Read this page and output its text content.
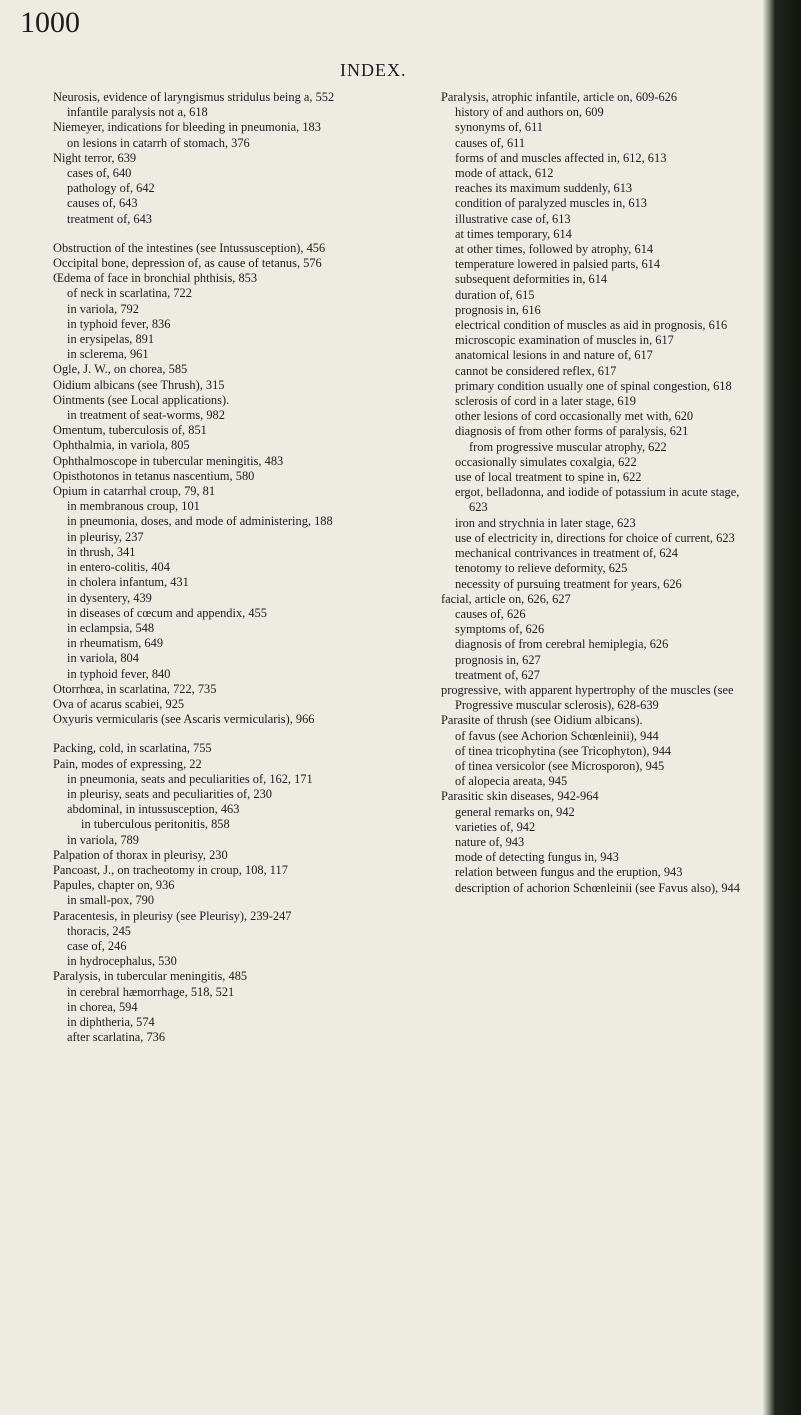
1000
INDEX.
Neurosis, evidence of laryngismus stridulus being a, 552
infantile paralysis not a, 618
Niemeyer, indications for bleeding in pneumonia, 183
on lesions in catarrh of stomach, 376
Night terror, 639
cases of, 640
pathology of, 642
causes of, 643
treatment of, 643
Obstruction of the intestines (see Intussusception), 456
Occipital bone, depression of, as cause of tetanus, 576
Œdema of face in bronchial phthisis, 853
of neck in scarlatina, 722
in variola, 792
in typhoid fever, 836
in erysipelas, 891
in sclerema, 961
Ogle, J. W., on chorea, 585
Oidium albicans (see Thrush), 315
Ointments (see Local applications).
in treatment of seat-worms, 982
Omentum, tuberculosis of, 851
Ophthalmia, in variola, 805
Ophthalmoscope in tubercular meningitis, 483
Opisthotonos in tetanus nascentium, 580
Opium in catarrhal croup, 79, 81
in membranous croup, 101
in pneumonia, doses, and mode of administering, 188
in pleurisy, 237
in thrush, 341
in entero-colitis, 404
in cholera infantum, 431
in dysentery, 439
in diseases of cœcum and appendix, 455
in eclampsia, 548
in rheumatism, 649
in variola, 804
in typhoid fever, 840
Otorrhœa, in scarlatina, 722, 735
Ova of acarus scabiei, 925
Oxyuris vermicularis (see Ascaris vermicularis), 966
Packing, cold, in scarlatina, 755
Pain, modes of expressing, 22
in pneumonia, seats and peculiarities of, 162, 171
in pleurisy, seats and peculiarities of, 230
abdominal, in intussusception, 463
in tuberculous peritonitis, 858
in variola, 789
Palpation of thorax in pleurisy, 230
Pancoast, J., on tracheotomy in croup, 108, 117
Papules, chapter on, 936
in small-pox, 790
Paracentesis, in pleurisy (see Pleurisy), 239-247
thoracis, 245
case of, 246
in hydrocephalus, 530
Paralysis, in tubercular meningitis, 485
in cerebral hæmorrhage, 518, 521
in chorea, 594
in diphtheria, 574
after scarlatina, 736
Paralysis, atrophic infantile, article on, 609-626
history of and authors on, 609
synonyms of, 611
causes of, 611
forms of and muscles affected in, 612, 613
mode of attack, 612
reaches its maximum suddenly, 613
condition of paralyzed muscles in, 613
illustrative case of, 613
at times temporary, 614
at other times, followed by atrophy, 614
temperature lowered in palsied parts, 614
subsequent deformities in, 614
duration of, 615
prognosis in, 616
electrical condition of muscles as aid in prognosis, 616
microscopic examination of muscles in, 617
anatomical lesions in and nature of, 617
cannot be considered reflex, 617
primary condition usually one of spinal congestion, 618
sclerosis of cord in a later stage, 619
other lesions of cord occasionally met with, 620
diagnosis of from other forms of paralysis, 621
from progressive muscular atrophy, 622
occasionally simulates coxalgia, 622
use of local treatment to spine in, 622
ergot, belladonna, and iodide of potassium in acute stage, 623
iron and strychnia in later stage, 623
use of electricity in, directions for choice of current, 623
mechanical contrivances in treatment of, 624
tenotomy to relieve deformity, 625
necessity of pursuing treatment for years, 626
facial, article on, 626, 627
causes of, 626
symptoms of, 626
diagnosis of from cerebral hemiplegia, 626
prognosis in, 627
treatment of, 627
progressive, with apparent hypertrophy of the muscles (see Progressive muscular sclerosis), 628-639
Parasite of thrush (see Oidium albicans).
of favus (see Achorion Schœnleinii), 944
of tinea tricophytina (see Tricophyton), 944
of tinea versicolor (see Microsporon), 945
of alopecia areata, 945
Parasitic skin diseases, 942-964
general remarks on, 942
varieties of, 942
nature of, 943
mode of detecting fungus in, 943
relation between fungus and the eruption, 943
description of achorion Schœnleinii (see Favus also), 944
